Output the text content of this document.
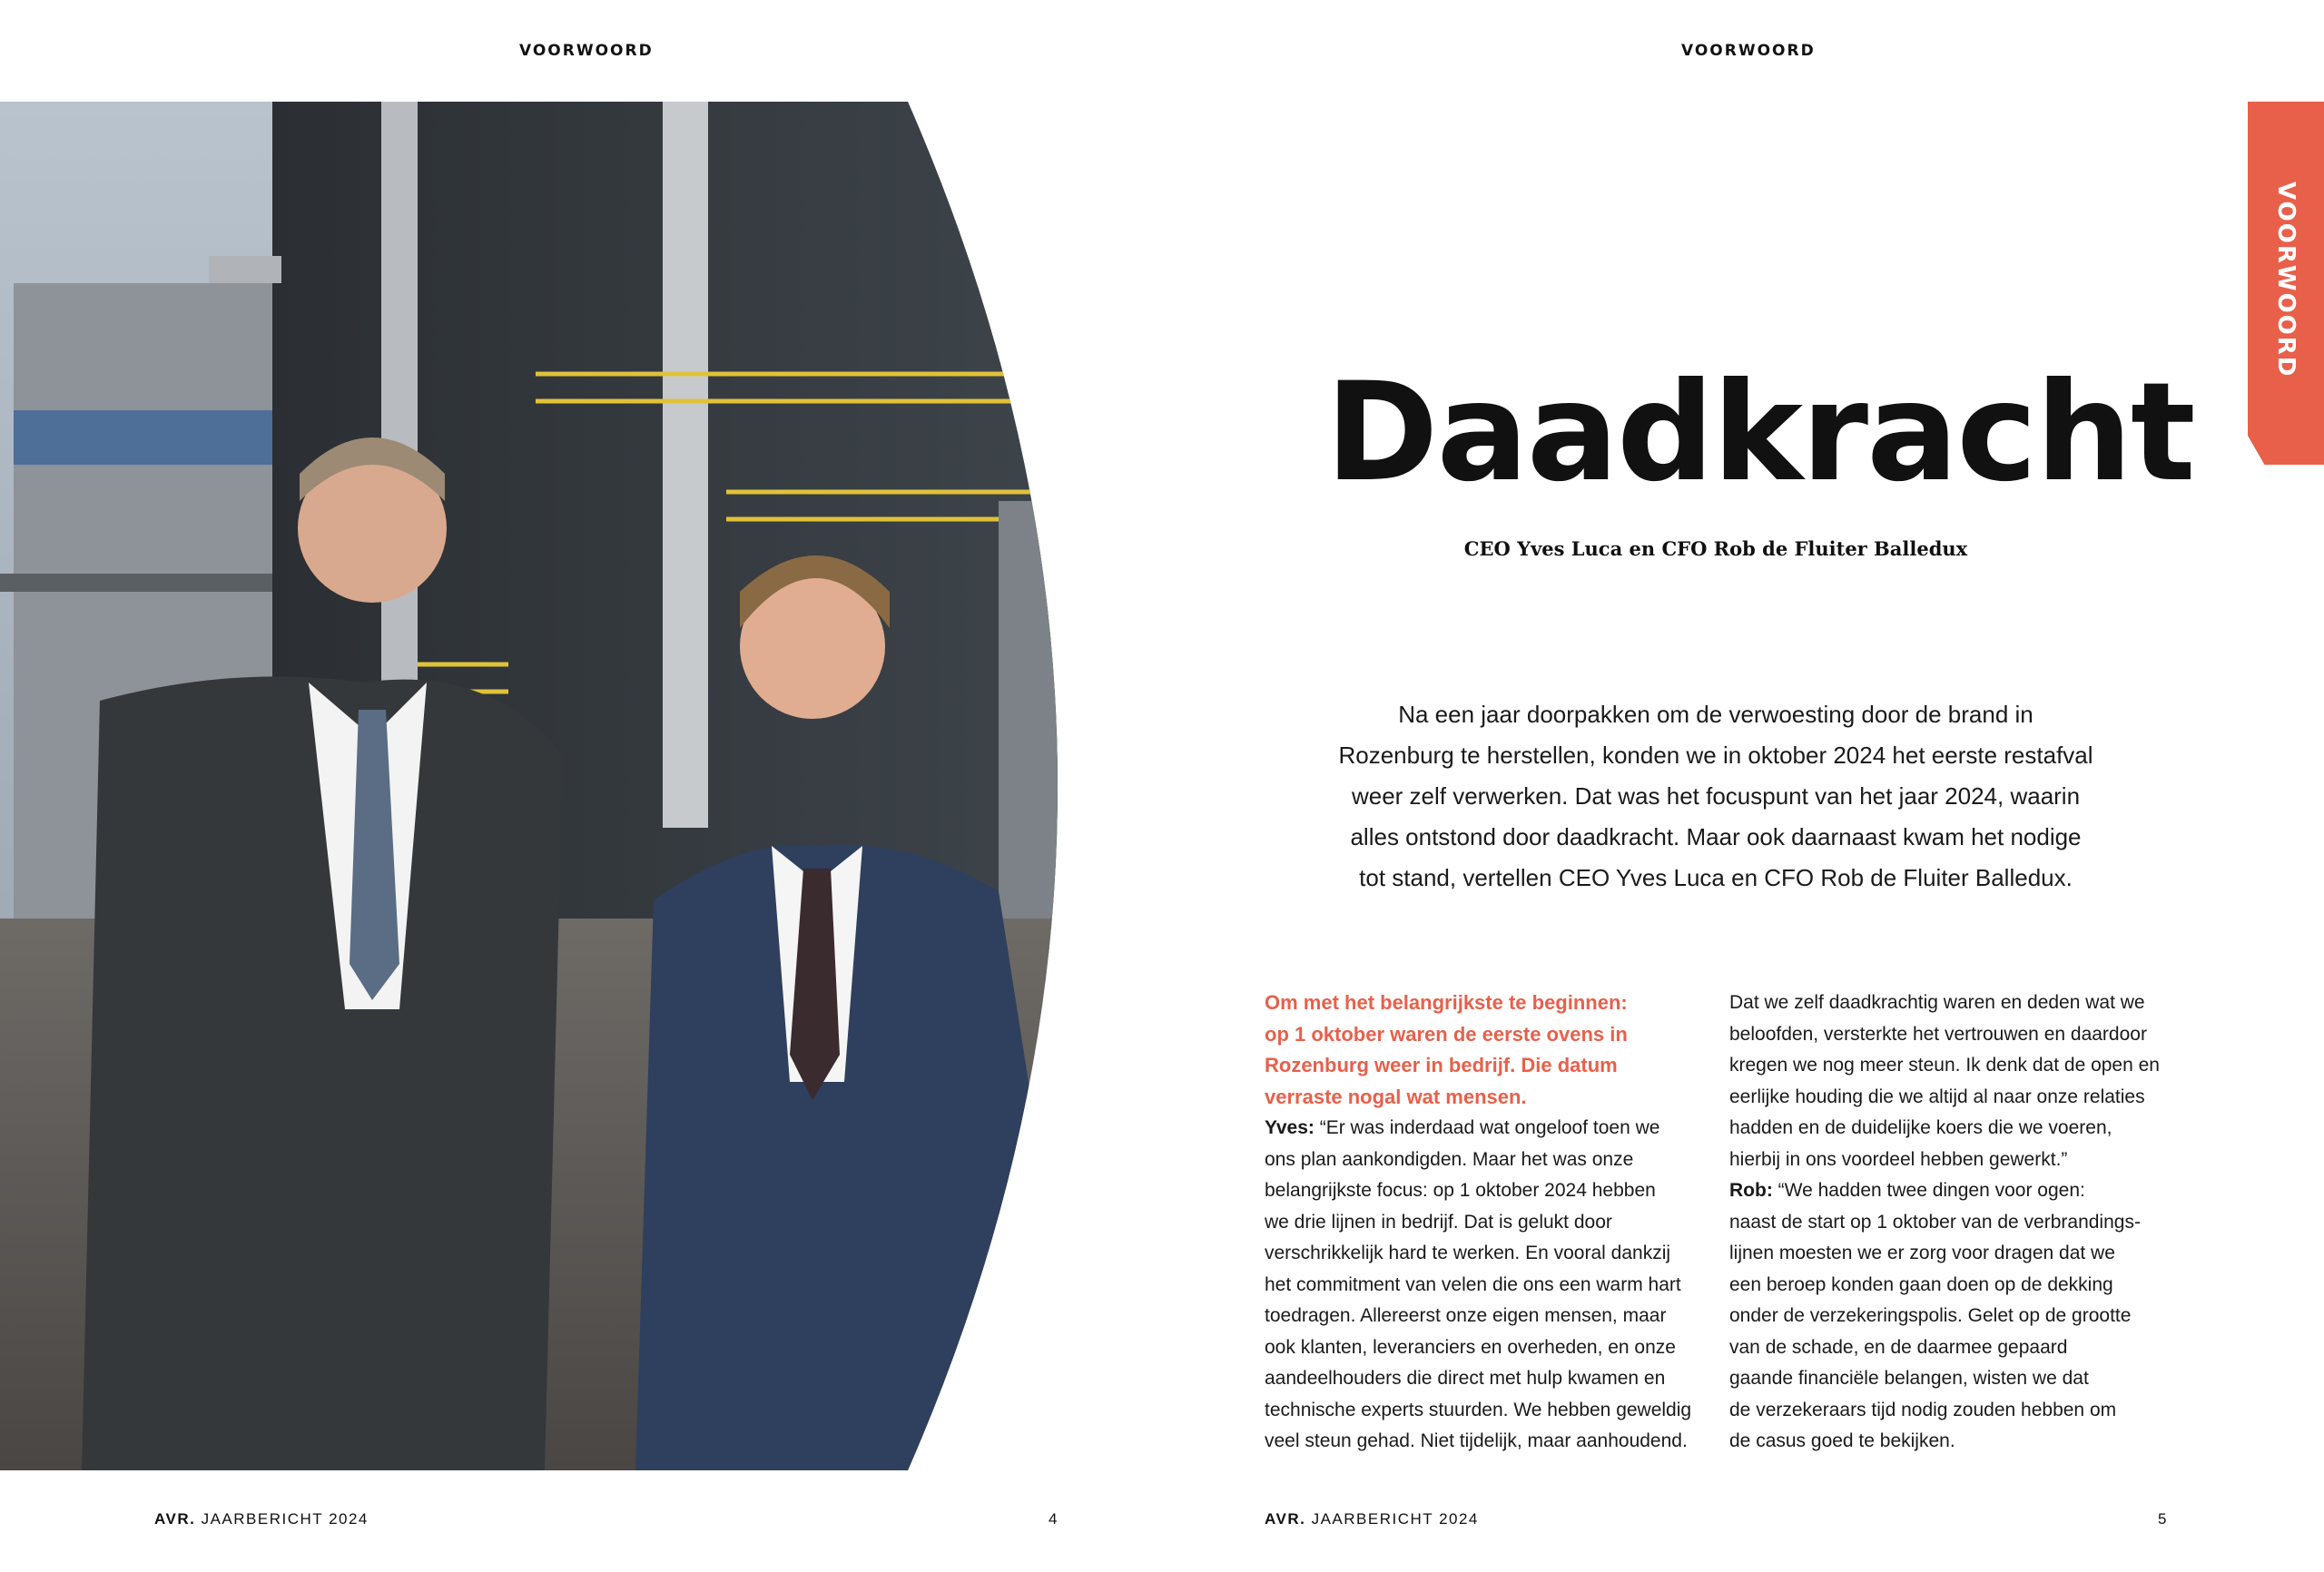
VOORWOORD	VOORWOORD
Rob de Fluiter Balledux, CFO, en Yves Luca, CEO
VOORWOORD
Daadkracht
CEO Yves Luca en CFO Rob de Fluiter Balledux
Na een jaar doorpakken om de verwoesting door de brand in
Rozenburg te herstellen, konden we in oktober 2024 het eerste restafval
weer zelf verwerken. Dat was het focuspunt van het jaar 2024, waarin
alles ontstond door daadkracht. Maar ook daarnaast kwam het nodige
tot stand, vertellen CEO Yves Luca en CFO Rob de Fluiter Balledux.
Om met het belangrijkste te beginnen:
op 1 oktober waren de eerste ovens in
Rozenburg weer in bedrijf. Die datum
verraste nogal wat mensen.
Yves: “Er was inderdaad wat ongeloof toen we
ons plan aankondigden. Maar het was onze
belangrijkste focus: op 1 oktober 2024 hebben
we drie lijnen in bedrijf. Dat is gelukt door
verschrikkelijk hard te werken. En vooral dankzij
het commitment van velen die ons een warm hart
toedragen. Allereerst onze eigen mensen, maar
ook klanten, leveranciers en overheden, en onze
aandeelhouders die direct met hulp kwamen en
technische experts stuurden. We hebben geweldig
veel steun gehad. Niet tijdelijk, maar aanhoudend.
Dat we zelf daadkrachtig waren en deden wat we
beloofden, versterkte het vertrouwen en daardoor
kregen we nog meer steun. Ik denk dat de open en
eerlijke houding die we altijd al naar onze relaties
hadden en de duidelijke koers die we voeren,
hierbij in ons voordeel hebben gewerkt.”
Rob: “We hadden twee dingen voor ogen:
naast de start op 1 oktober van de verbrandings-
lijnen moesten we er zorg voor dragen dat we
een beroep konden gaan doen op de dekking
onder de verzekeringspolis. Gelet op de grootte
van de schade, en de daarmee gepaard
gaande financiële belangen, wisten we dat
de verzekeraars tijd nodig zouden hebben om
de casus goed te bekijken.
AVR. JAARBERICHT 2024	4	AVR. JAARBERICHT 2024	5
